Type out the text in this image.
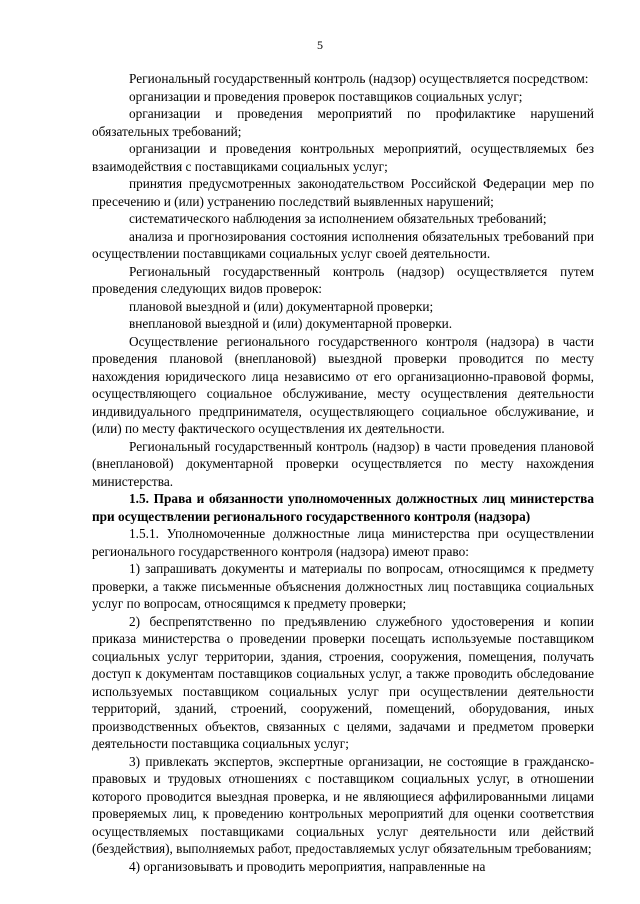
5

Региональный государственный контроль (надзор) осуществляется посредством:

организации и проведения проверок поставщиков социальных услуг;

организации и проведения мероприятий по профилактике нарушений обязательных требований;

организации и проведения контрольных мероприятий, осуществляемых без взаимодействия с поставщиками социальных услуг;

принятия предусмотренных законодательством Российской Федерации мер по пресечению и (или) устранению последствий выявленных нарушений;

систематического наблюдения за исполнением обязательных требований;

анализа и прогнозирования состояния исполнения обязательных требований при осуществлении поставщиками социальных услуг своей деятельности.

Региональный государственный контроль (надзор) осуществляется путем проведения следующих видов проверок:

плановой выездной и (или) документарной проверки;

внеплановой выездной и (или) документарной проверки.

Осуществление регионального государственного контроля (надзора) в части проведения плановой (внеплановой) выездной проверки проводится по месту нахождения юридического лица независимо от его организационно-правовой формы, осуществляющего социальное обслуживание, месту осуществления деятельности индивидуального предпринимателя, осуществляющего социальное обслуживание, и (или) по месту фактического осуществления их деятельности.

Региональный государственный контроль (надзор) в части проведения плановой (внеплановой) документарной проверки осуществляется по месту нахождения министерства.

1.5. Права и обязанности уполномоченных должностных лиц министерства при осуществлении регионального государственного контроля (надзора)

1.5.1. Уполномоченные должностные лица министерства при осуществлении регионального государственного контроля (надзора) имеют право:

1) запрашивать документы и материалы по вопросам, относящимся к предмету проверки, а также письменные объяснения должностных лиц поставщика социальных услуг по вопросам, относящимся к предмету проверки;

2) беспрепятственно по предъявлению служебного удостоверения и копии приказа министерства о проведении проверки посещать используемые поставщиком социальных услуг территории, здания, строения, сооружения, помещения, получать доступ к документам поставщиков социальных услуг, а также проводить обследование используемых поставщиком социальных услуг при осуществлении деятельности территорий, зданий, строений, сооружений, помещений, оборудования, иных производственных объектов, связанных с целями, задачами и предметом проверки деятельности поставщика социальных услуг;

3) привлекать экспертов, экспертные организации, не состоящие в гражданско-правовых и трудовых отношениях с поставщиком социальных услуг, в отношении которого проводится выездная проверка, и не являющиеся аффилированными лицами проверяемых лиц, к проведению контрольных мероприятий для оценки соответствия осуществляемых поставщиками социальных услуг деятельности или действий (бездействия), выполняемых работ, предоставляемых услуг обязательным требованиям;

4) организовывать и проводить мероприятия, направленные на
